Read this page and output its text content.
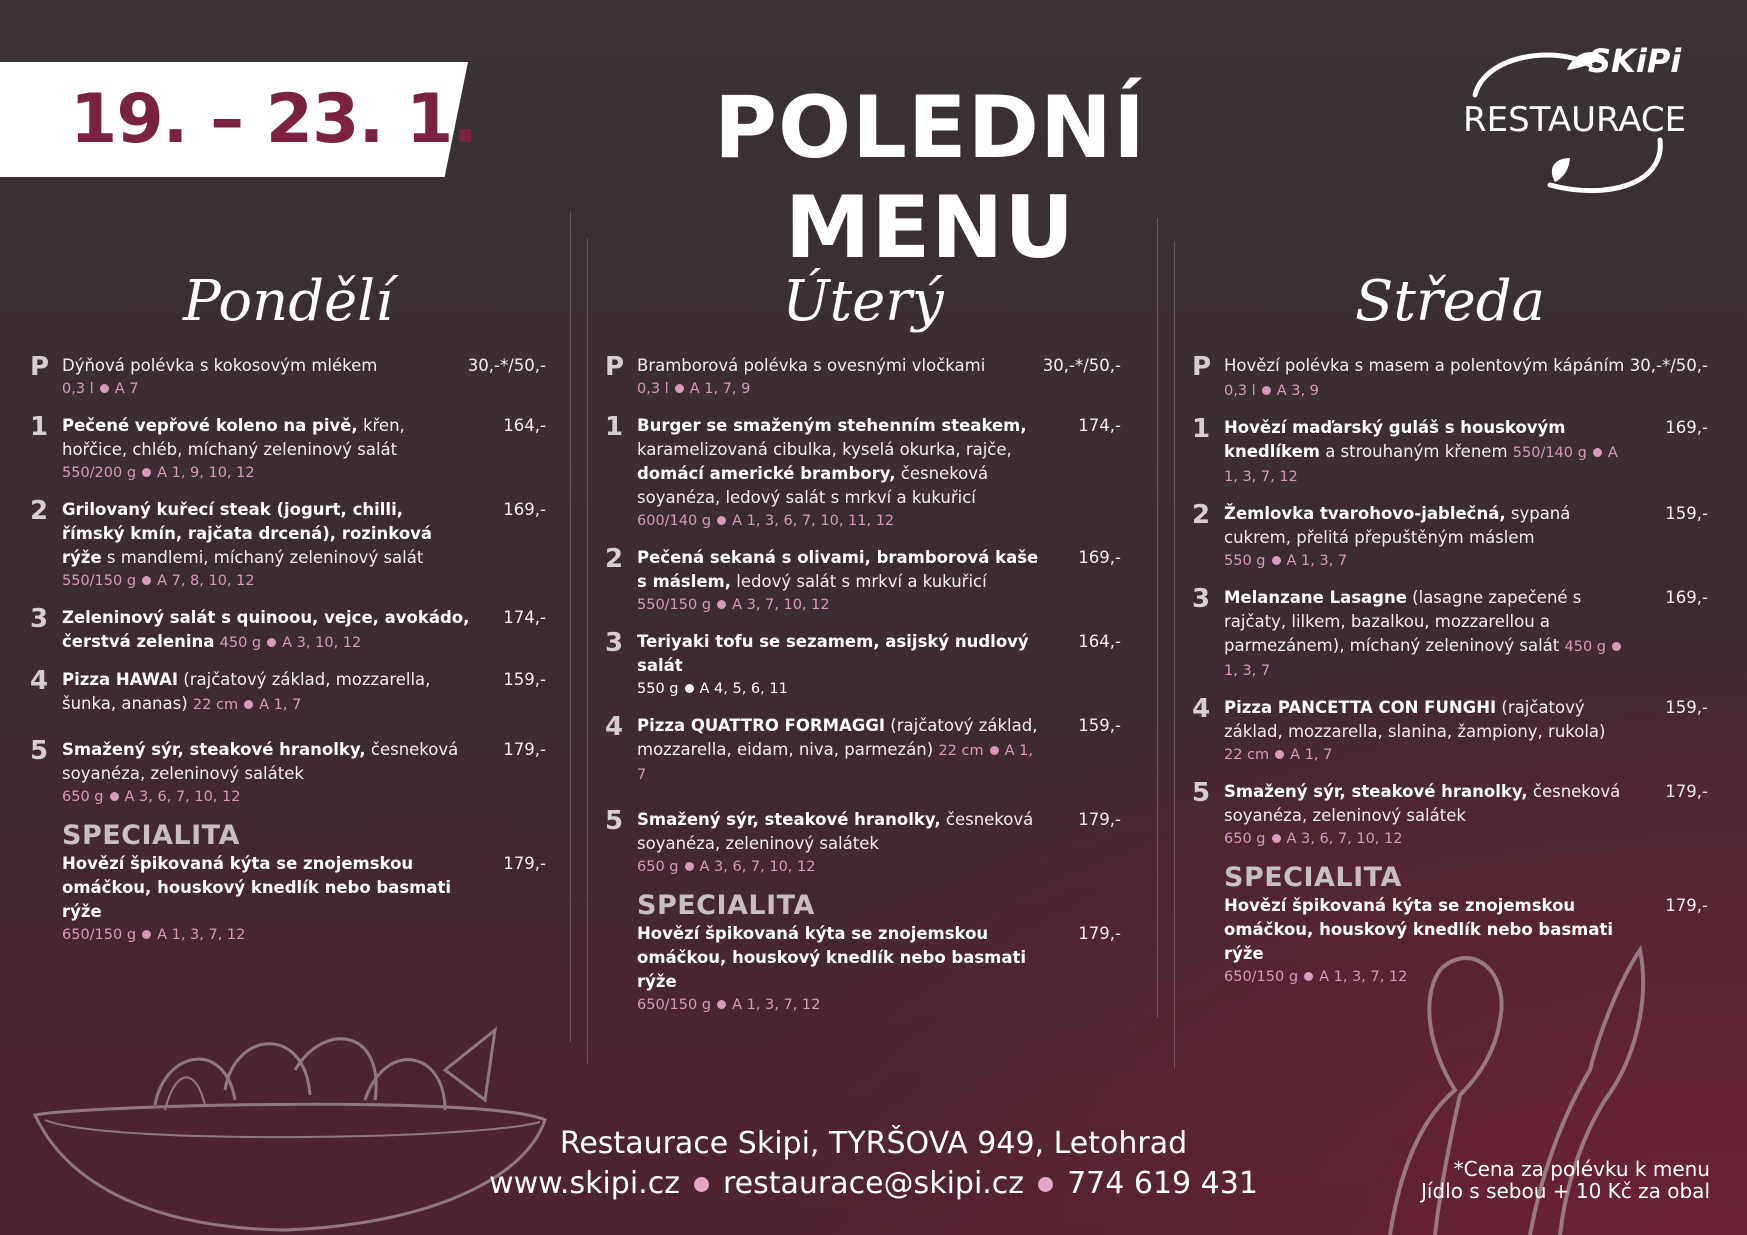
19. – 23. 1.	POLEDNÍ MENU
SKiPi
RESTAURACE
Pondělí
P Dýňová polévka s kokosovým mlékem
0,3 l A 7
30,-*/50,-
1 Pečené vepřové koleno na pivě, křen, hořčice, chléb, míchaný zeleninový salát
550/200 g A 1, 9, 10, 12
164,-
2 Grilovaný kuřecí steak (jogurt, chilli, římský kmín, rajčata drcená), rozinková rýže s mandlemi, míchaný zeleninový salát
550/150 g A 7, 8, 10, 12
169,-
3 Zeleninový salát s quinoou, vejce, avokádo, čerstvá zelenina 450 g A 3, 10, 12
174,-
4 Pizza HAWAI (rajčatový základ, mozzarella, šunka, ananas) 22 cm A 1, 7
159,-
5 Smažený sýr, steakové hranolky, česneková soyanéza, zeleninový salátek
650 g A 3, 6, 7, 10, 12
179,-
SPECIALITA
Hovězí špikovaná kýta se znojemskou omáčkou, houskový knedlík nebo basmati rýže
650/150 g A 1, 3, 7, 12
179,-
Úterý
P Bramborová polévka s ovesnými vločkami
0,3 l A 1, 7, 9
30,-*/50,-
1 Burger se smaženým stehenním steakem, karamelizovaná cibulka, kyselá okurka, rajče, domácí americké brambory, česneková soyanéza, ledový salát s mrkví a kukuřicí
600/140 g A 1, 3, 6, 7, 10, 11, 12
174,-
2 Pečená sekaná s olivami, bramborová kaše s máslem, ledový salát s mrkví a kukuřicí
550/150 g A 3, 7, 10, 12
169,-
3 Teriyaki tofu se sezamem, asijský nudlový salát
550 g A 4, 5, 6, 11
164,-
4 Pizza QUATTRO FORMAGGI (rajčatový základ, mozzarella, eidam, niva, parmezán) 22 cm A 1, 7
159,-
5 Smažený sýr, steakové hranolky, česneková soyanéza, zeleninový salátek
650 g A 3, 6, 7, 10, 12
179,-
SPECIALITA
Hovězí špikovaná kýta se znojemskou omáčkou, houskový knedlík nebo basmati rýže
650/150 g A 1, 3, 7, 12
179,-
Středa
P Hovězí polévka s masem a polentovým kápáním 0,3 l A 3, 9
30,-*/50,-
1 Hovězí maďarský guláš s houskovým knedlíkem a strouhaným křenem 550/140 g A 1, 3, 7, 12
169,-
2 Žemlovka tvarohovo-jablečná, sypaná cukrem, přelitá přepuštěným máslem
550 g A 1, 3, 7
159,-
3 Melanzane Lasagne (lasagne zapečené s rajčaty, lilkem, bazalkou, mozzarellou a parmezánem), míchaný zeleninový salát 450 g1, 3, 7
169,-
4 Pizza PANCETTA CON FUNGHI (rajčatový základ, mozzarella, slanina, žampiony, rukola)
22 cm A 1, 7
159,-
5 Smažený sýr, steakové hranolky, česneková soyanéza, zeleninový salátek
650 g A 3, 6, 7, 10, 12
179,-
SPECIALITA
Hovězí špikovaná kýta se znojemskou omáčkou, houskový knedlík nebo basmati rýže
650/150 g A 1, 3, 7, 12
179,-
Restaurace Skipi, TYRŠOVA 949, Letohrad
www.skipi.cz restaurace@skipi.cz 774 619 431	*Cena za polévku k menu
Jídlo s sebou + 10 Kč za obal
